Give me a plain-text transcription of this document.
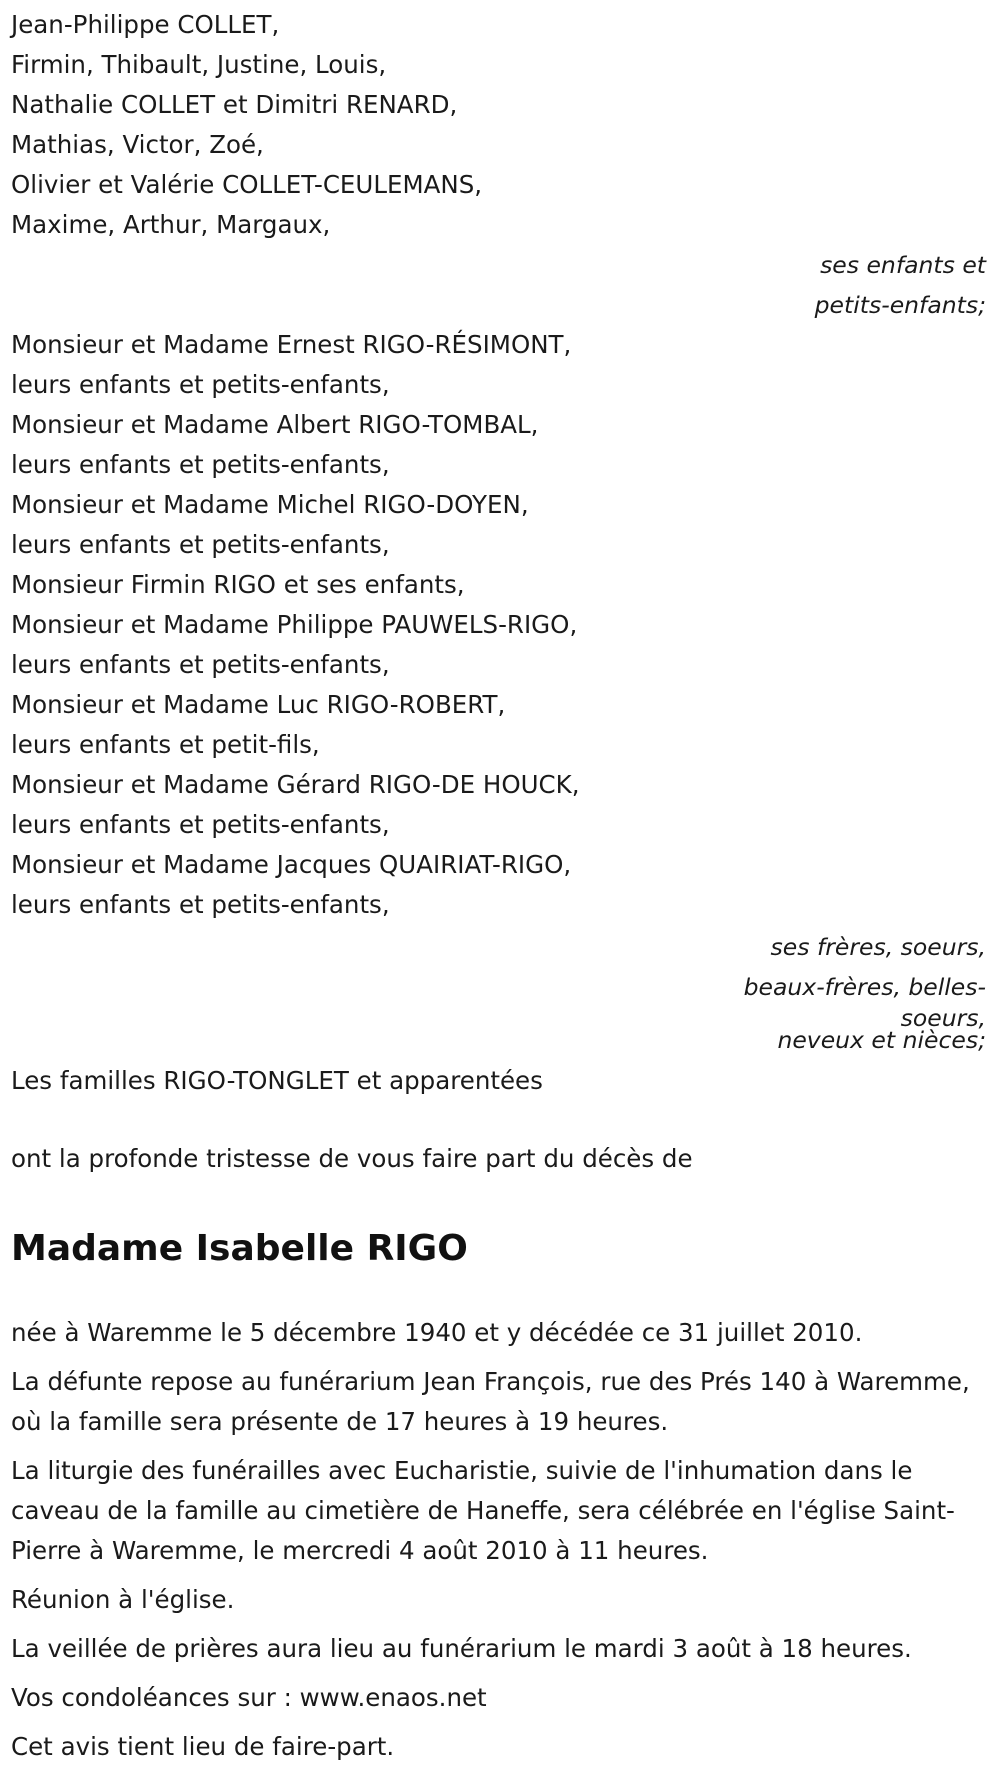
Jean-Philippe COLLET,
Firmin, Thibault, Justine, Louis,
Nathalie COLLET et Dimitri RENARD,
Mathias, Victor, Zoé,
Olivier et Valérie COLLET-CEULEMANS,
Maxime, Arthur, Margaux,
ses enfants et
petits-enfants;
Monsieur et Madame Ernest RIGO-RÉSIMONT,
leurs enfants et petits-enfants,
Monsieur et Madame Albert RIGO-TOMBAL,
leurs enfants et petits-enfants,
Monsieur et Madame Michel RIGO-DOYEN,
leurs enfants et petits-enfants,
Monsieur Firmin RIGO et ses enfants,
Monsieur et Madame Philippe PAUWELS-RIGO,
leurs enfants et petits-enfants,
Monsieur et Madame Luc RIGO-ROBERT,
leurs enfants et petit-fils,
Monsieur et Madame Gérard RIGO-DE HOUCK,
leurs enfants et petits-enfants,
Monsieur et Madame Jacques QUAIRIAT-RIGO,
leurs enfants et petits-enfants,
ses frères, soeurs,
beaux-frères, belles-
soeurs,
neveux et nièces;
Les familles RIGO-TONGLET et apparentées
ont la profonde tristesse de vous faire part du décès de
Madame Isabelle RIGO

née à Waremme le 5 décembre 1940 et y décédée ce 31 juillet 2010.

La défunte repose au funérarium Jean François, rue des Prés 140 à Waremme, où la famille sera présente de 17 heures à 19 heures.

La liturgie des funérailles avec Eucharistie, suivie de l'inhumation dans le caveau de la famille au cimetière de Haneffe, sera célébrée en l'église Saint-Pierre à Waremme, le mercredi 4 août 2010 à 11 heures.

Réunion à l'église.

La veillée de prières aura lieu au funérarium le mardi 3 août à 18 heures.

Vos condoléances sur : www.enaos.net

Cet avis tient lieu de faire-part.
